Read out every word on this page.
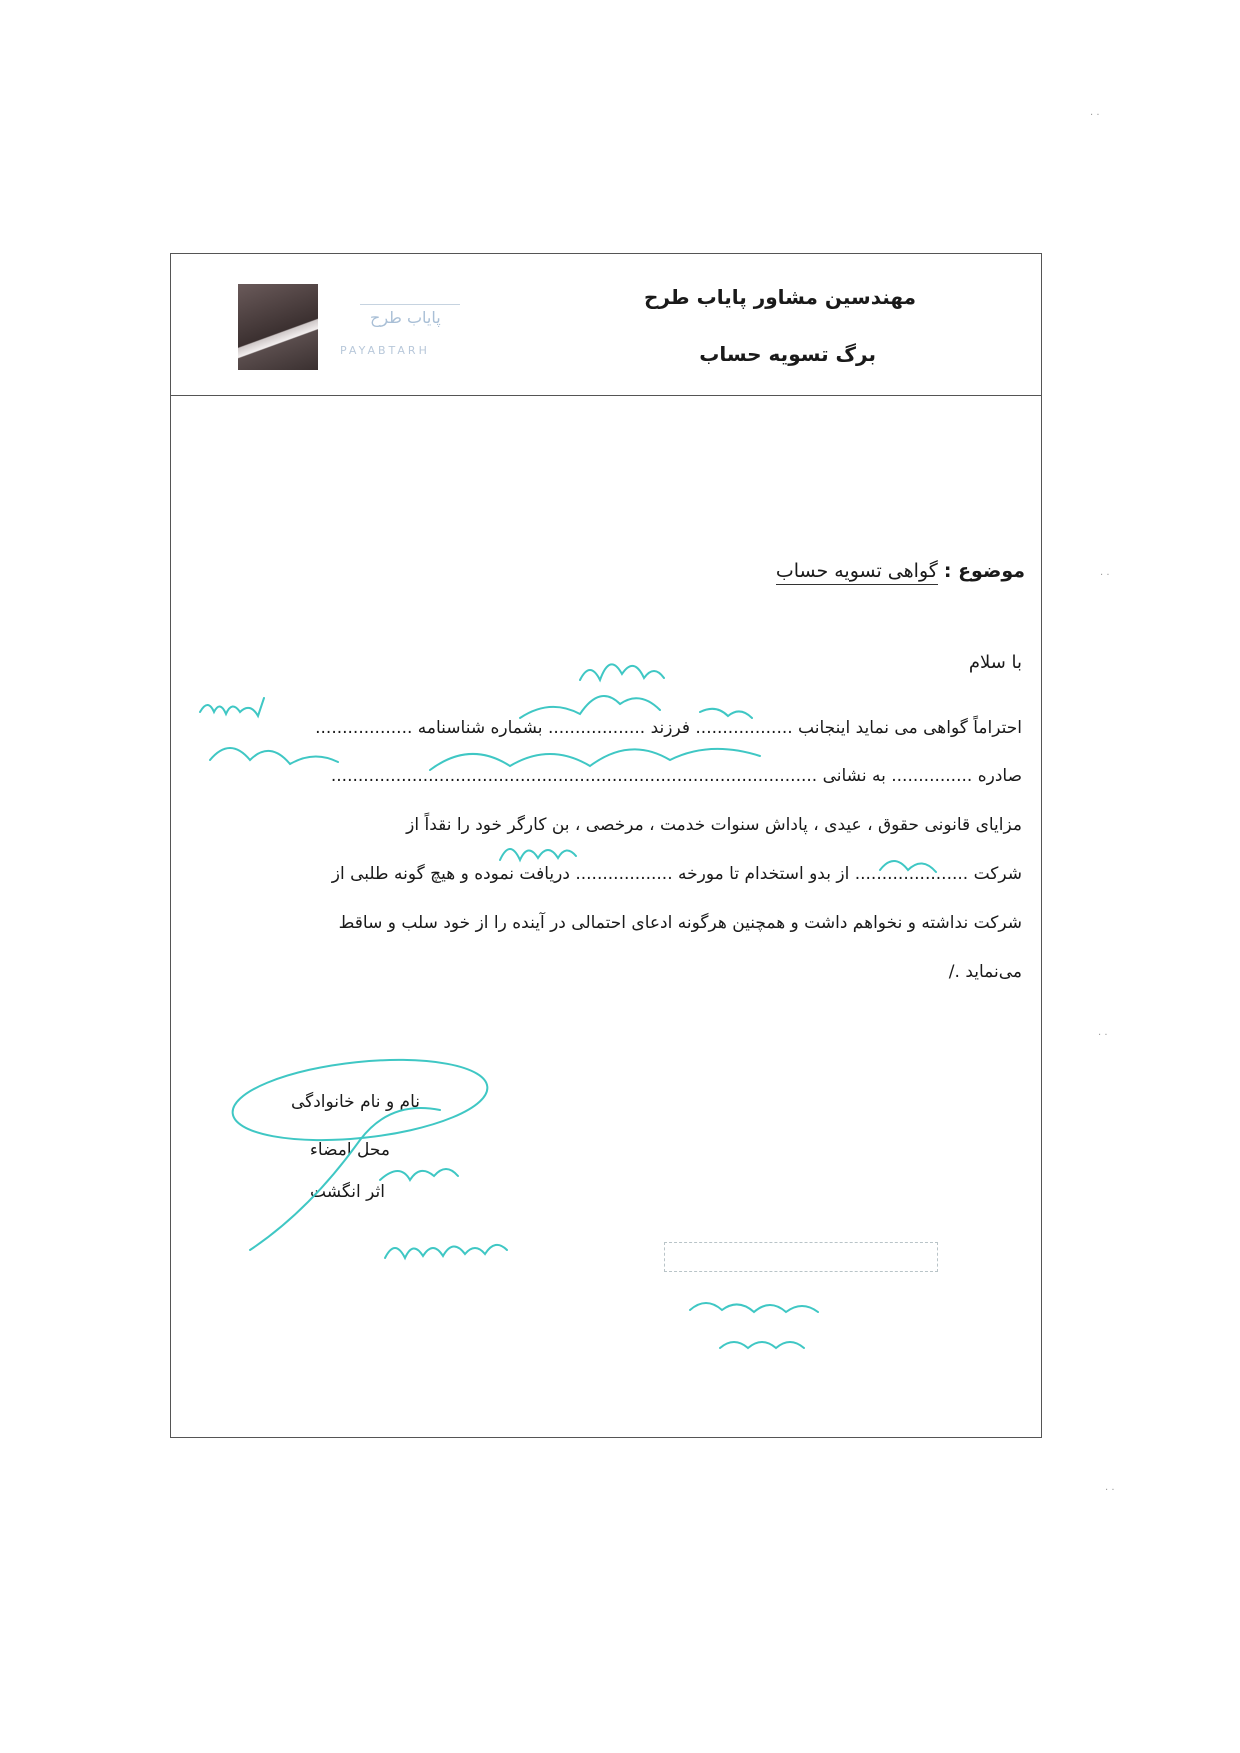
مهندسین مشاور پایاب طرح
برگ تسویه حساب
پایاب طرح
PAYABTARH
موضوع : گواهی تسویه حساب
با سلام
احتراماً گواهی می نماید اینجانب .................. فرزند .................. بشماره شناسنامه ..................
صادره ............... به نشانی ..........................................................................................
مزایای قانونی حقوق ، عیدی ، پاداش سنوات خدمت ، مرخصی ، بن کارگر خود را نقداً از
شرکت ..................... از بدو استخدام تا مورخه .................. دریافت نموده و هیچ گونه طلبی از
شرکت نداشته و نخواهم داشت و همچنین هرگونه ادعای احتمالی در آینده را از خود سلب و ساقط
می‌نماید ./
نام و نام خانوادگی
محل امضاء
اثر انگشت
· ·
· ·
· ·
· ·
